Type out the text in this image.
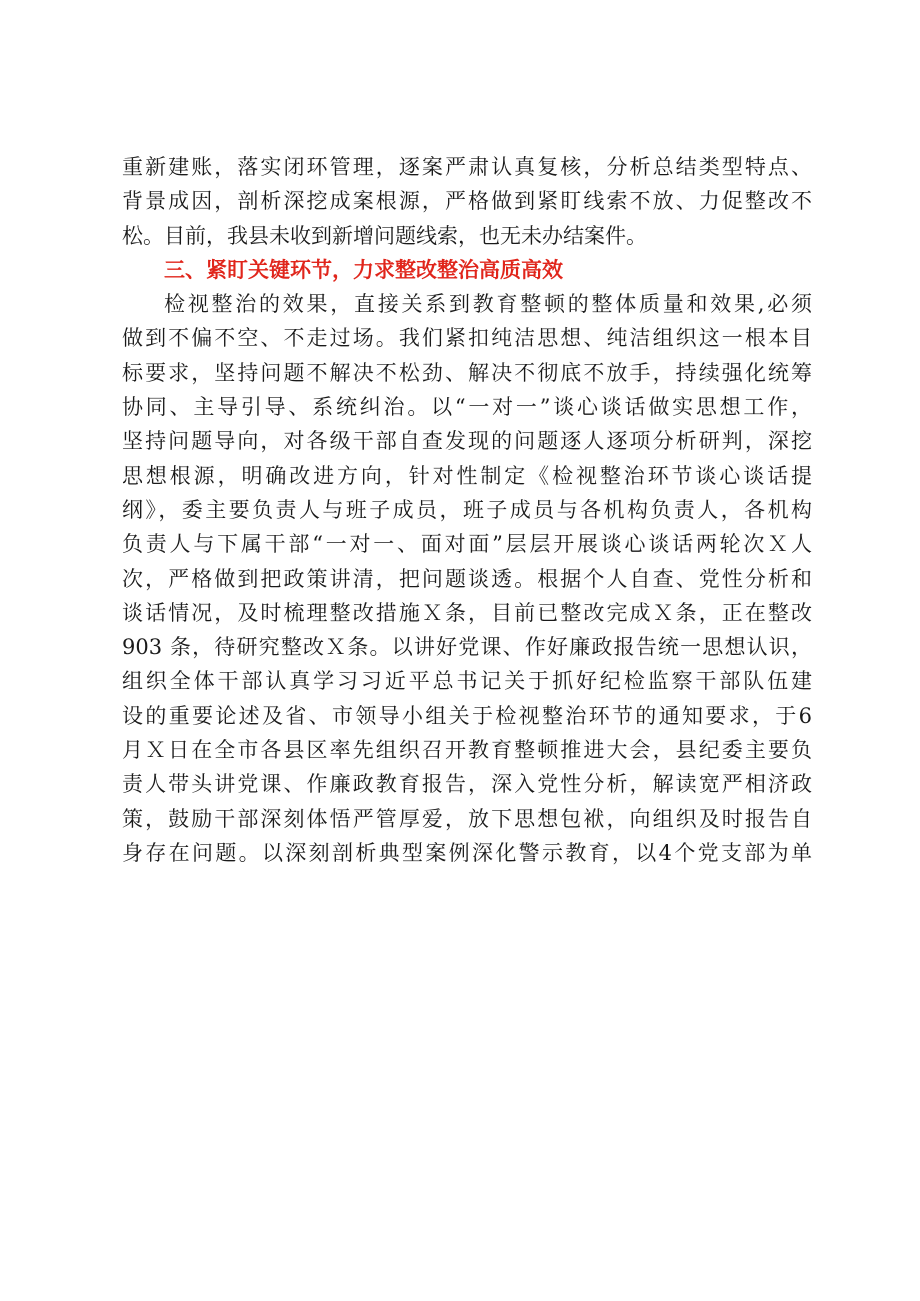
重新建账，落实闭环管理，逐案严肃认真复核，分析总结类型特点、
背景成因，剖析深挖成案根源，严格做到紧盯线索不放、力促整改不
松。目前，我县未收到新增问题线索，也无未办结案件。
三、紧盯关键环节，力求整改整治高质高效
检视整治的效果，直接关系到教育整顿的整体质量和效果,必须
做到不偏不空、不走过场。我们紧扣纯洁思想、纯洁组织这一根本目
标要求，坚持问题不解决不松劲、解决不彻底不放手，持续强化统筹
协同、主导引导、系统纠治。以“一对一”谈心谈话做实思想工作，
坚持问题导向，对各级干部自查发现的问题逐人逐项分析研判，深挖
思想根源，明确改进方向，针对性制定《检视整治环节谈心谈话提
纲》，委主要负责人与班子成员，班子成员与各机构负责人，各机构
负责人与下属干部“一对一、面对面”层层开展谈心谈话两轮次Ｘ人
次，严格做到把政策讲清，把问题谈透。根据个人自查、党性分析和
谈话情况，及时梳理整改措施Ｘ条，目前已整改完成Ｘ条，正在整改
903 条，待研究整改Ｘ条。以讲好党课、作好廉政报告统一思想认识，
组织全体干部认真学习习近平总书记关于抓好纪检监察干部队伍建
设的重要论述及省、市领导小组关于检视整治环节的通知要求，于6
月Ｘ日在全市各县区率先组织召开教育整顿推进大会，县纪委主要负
责人带头讲党课、作廉政教育报告，深入党性分析，解读宽严相济政
策，鼓励干部深刻体悟严管厚爱，放下思想包袱，向组织及时报告自
身存在问题。以深刻剖析典型案例深化警示教育，以4个党支部为单
